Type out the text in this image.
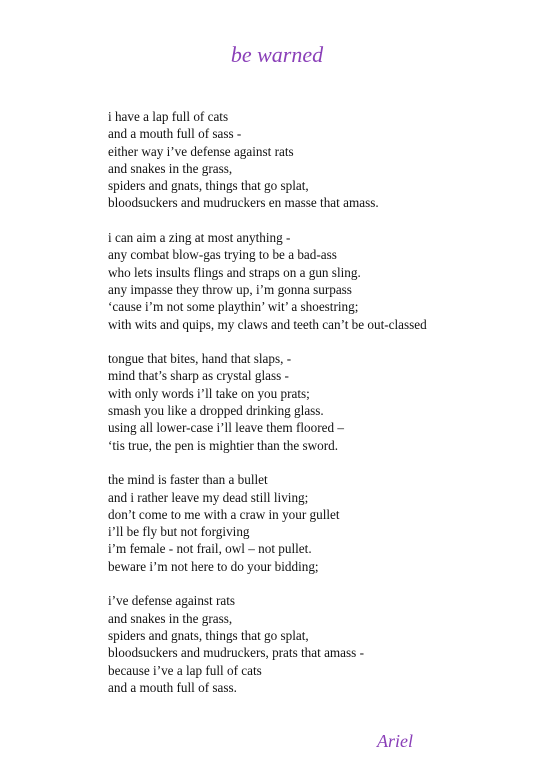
be warned
i have a lap full of cats
and a mouth full of sass -
either way i’ve defense against rats
and snakes in the grass,
spiders and gnats, things that go splat,
bloodsuckers and mudruckers en masse that amass.
i can aim a zing at most anything -
any combat blow-gas trying to be a bad-ass
who lets insults flings and straps on a gun sling.
any impasse they throw up, i’m gonna surpass
‘cause i’m not some playthin’ wit’ a shoestring;
with wits and quips, my claws and teeth can’t be out-classed
tongue that bites, hand that slaps, -
mind that’s sharp as crystal glass -
with only words i’ll take on you prats;
smash you like a dropped drinking glass.
using all lower-case i’ll leave them floored –
‘tis true, the pen is mightier than the sword.
the mind is faster than a bullet
and i rather leave my dead still living;
don’t come to me with a craw in your gullet
i’ll be fly but not forgiving
i’m female - not frail, owl – not pullet.
beware i’m not here to do your bidding;
i’ve defense against rats
and snakes in the grass,
spiders and gnats, things that go splat,
bloodsuckers and mudruckers, prats that amass -
because i’ve a lap full of cats
and a mouth full of sass.
Ariel
